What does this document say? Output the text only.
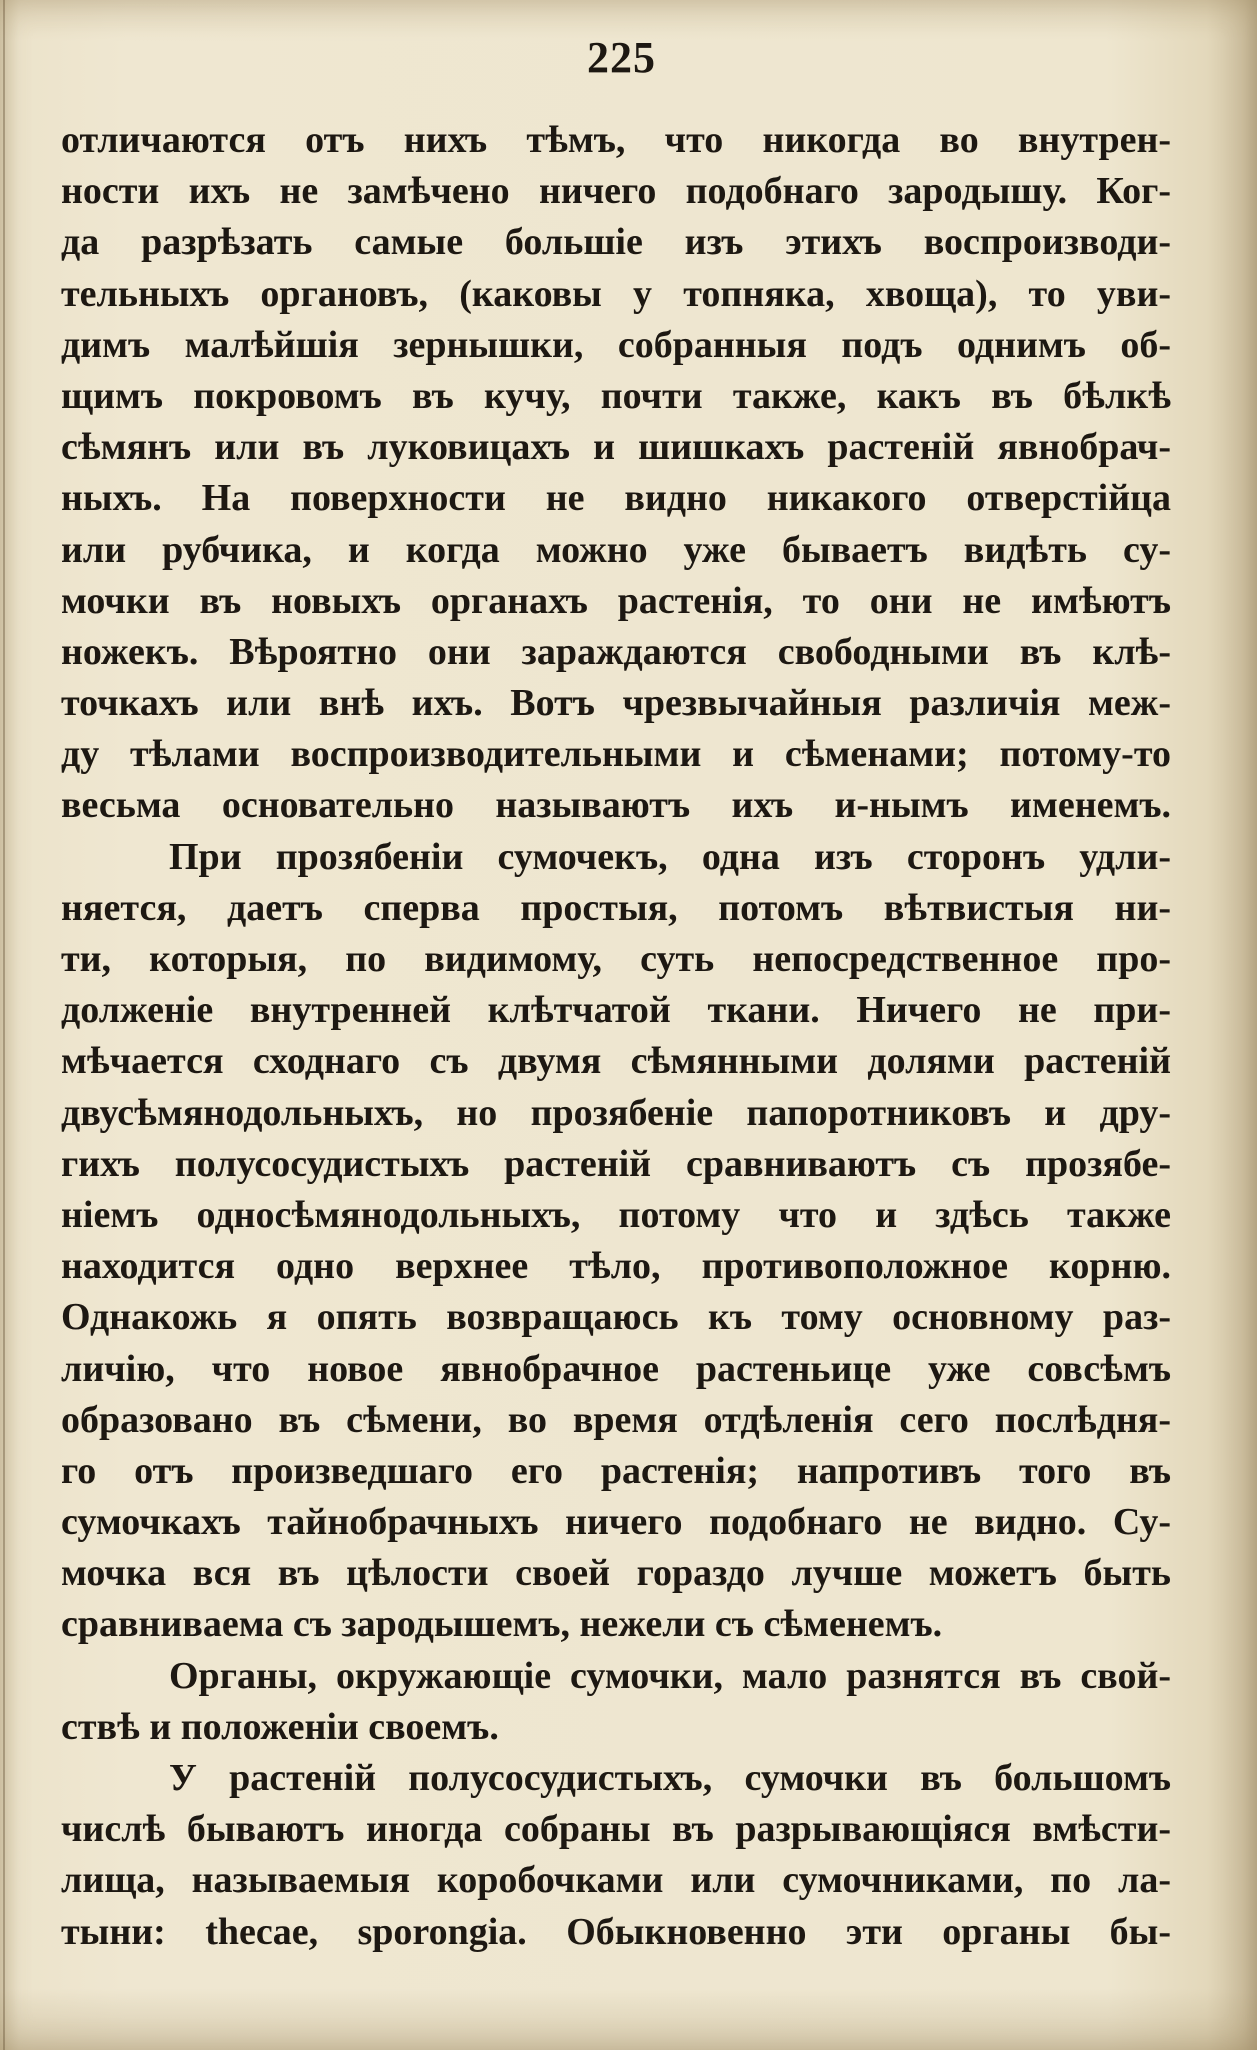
225
отличаются отъ нихъ тѣмъ, что никогда во внутрен-
ности ихъ не замѣчено ничего подобнаго зародышу. Ког-
да разрѣзать самые большіе изъ этихъ воспроизводи-
тельныхъ органовъ, (каковы у топняка, хвоща), то уви-
димъ малѣйшія зернышки, собранныя подъ однимъ об-
щимъ покровомъ въ кучу, почти также, какъ въ бѣлкѣ
сѣмянъ или въ луковицахъ и шишкахъ растеній явнобрач-
ныхъ. На поверхности не видно никакого отверстійца
или рубчика, и когда можно уже бываетъ видѣть су-
мочки въ новыхъ органахъ растенія, то они не имѣютъ
ножекъ. Вѣроятно они зараждаются свободными въ клѣ-
точкахъ или внѣ ихъ. Вотъ чрезвычайныя различія меж-
ду тѣлами воспроизводительными и сѣменами; потому-то
весьма основательно называютъ ихъ и-нымъ именемъ.
При прозябеніи сумочекъ, одна изъ сторонъ удли-
няется, даетъ сперва простыя, потомъ вѣтвистыя ни-
ти, которыя, по видимому, суть непосредственное про-
долженіе внутренней клѣтчатой ткани. Ничего не при-
мѣчается сходнаго съ двумя сѣмянными долями растеній
двусѣмянодольныхъ, но прозябеніе папоротниковъ и дру-
гихъ полусосудистыхъ растеній сравниваютъ съ прозябе-
ніемъ односѣмянодольныхъ, потому что и здѣсь также
находится одно верхнее тѣло, противоположное корню.
Однакожь я опять возвращаюсь къ тому основному раз-
личію, что новое явнобрачное растеньице уже совсѣмъ
образовано въ сѣмени, во время отдѣленія сего послѣдня-
го отъ произведшаго его растенія; напротивъ того въ
сумочкахъ тайнобрачныхъ ничего подобнаго не видно. Су-
мочка вся въ цѣлости своей гораздо лучше можетъ быть
сравниваема съ зародышемъ, нежели съ сѣменемъ.
Органы, окружающіе сумочки, мало разнятся въ свой-
ствѣ и положеніи своемъ.
У растеній полусосудистыхъ, сумочки въ большомъ
числѣ бываютъ иногда собраны въ разрывающіяся вмѣсти-
лища, называемыя коробочками или сумочниками, по ла-
тыни: thecae, sporongia. Обыкновенно эти органы бы-
